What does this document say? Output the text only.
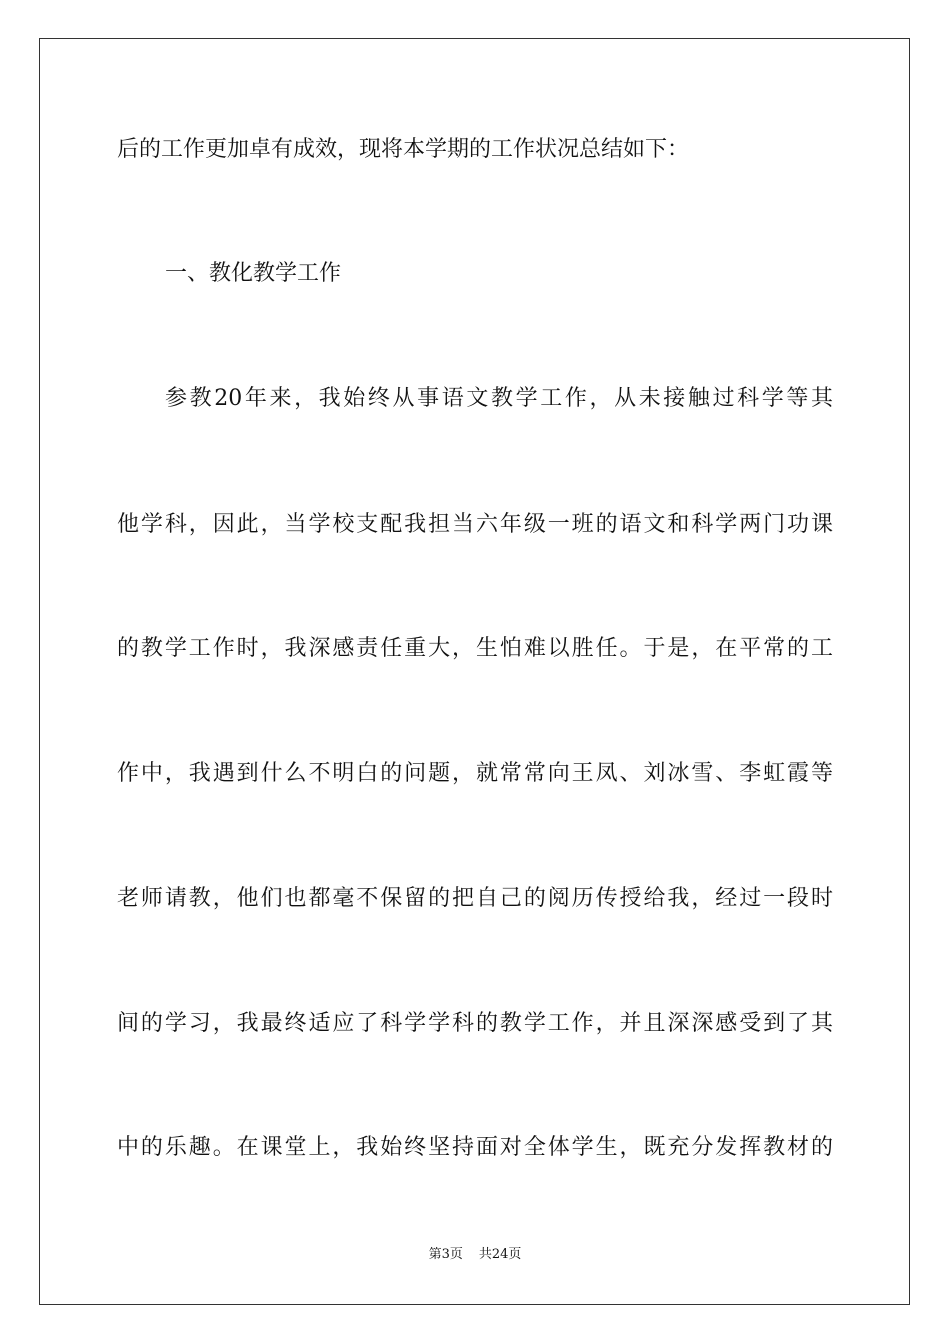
后的工作更加卓有成效，现将本学期的工作状况总结如下：
一、教化教学工作
参教20年来，我始终从事语文教学工作，从未接触过科学等其
他学科，因此，当学校支配我担当六年级一班的语文和科学两门功课
的教学工作时，我深感责任重大，生怕难以胜任。于是，在平常的工
作中，我遇到什么不明白的问题，就常常向王凤、刘冰雪、李虹霞等
老师请教，他们也都毫不保留的把自己的阅历传授给我，经过一段时
间的学习，我最终适应了科学学科的教学工作，并且深深感受到了其
中的乐趣。在课堂上，我始终坚持面对全体学生，既充分发挥教材的
第3页 共24页
